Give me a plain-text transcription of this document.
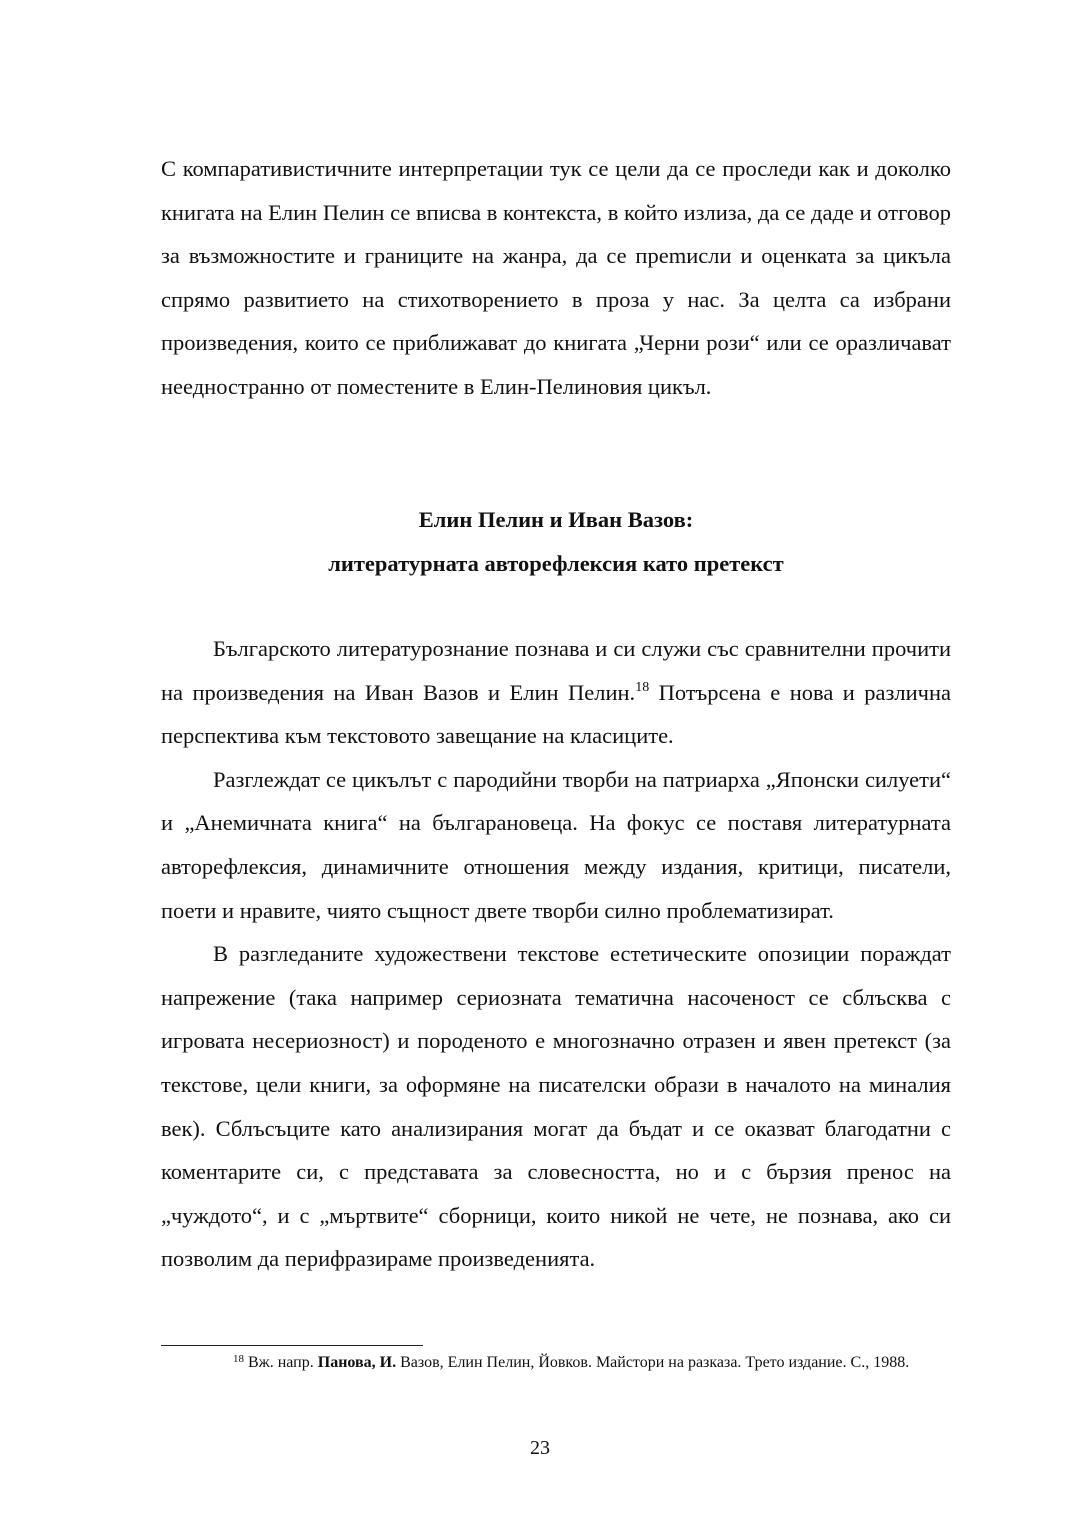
С компаративистичните интерпретации тук се цели да се проследи как и доколко книгата на Елин Пелин се вписва в контекста, в който излиза, да се даде и отговор за възможностите и границите на жанра, да се преmисли и оценката за цикъла спрямо развитието на стихотворението в проза у нас. За целта са избрани произведения, които се приближават до книгата „Черни рози“ или се оразличават неедностранно от поместените в Елин-Пелиновия цикъл.

Елин Пелин и Иван Вазов:
литературната авторефлексия като претекст

Българското литературознание познава и си служи със сравнителни прочити на произведения на Иван Вазов и Елин Пелин.$^{18}$ Потърсена е нова и различна перспектива към текстовото завещание на класиците.

Разглеждат се цикълът с пародийни творби на патриарха „Японски силуети“ и „Анемичната книга“ на българановеца. На фокус се поставя литературната авторефлексия, динамичните отношения между издания, критици, писатели, поети и нравите, чиято същност двете творби силно проблематизират.

В разгледаните художествени текстове естетическите опозиции пораждат напрежение (така например сериозната тематична насоченост се сблъсква с игровата несериозност) и породеното е многозначно отразен и явен претекст (за текстове, цели книги, за оформяне на писателски образи в началото на миналия век). Сблъсъците като анализирания могат да бъдат и се оказват благодатни с коментарите си, с представата за словесността, но и с бързия пренос на „чуждото“, и с „мъртвите“ сборници, които никой не чете, не познава, ако си позволим да перифразираме произведенията.

$^{18}$ Вж. напр. Панова, И. Вазов, Елин Пелин, Йовков. Майстори на разказа. Трето издание. С., 1988.
23
